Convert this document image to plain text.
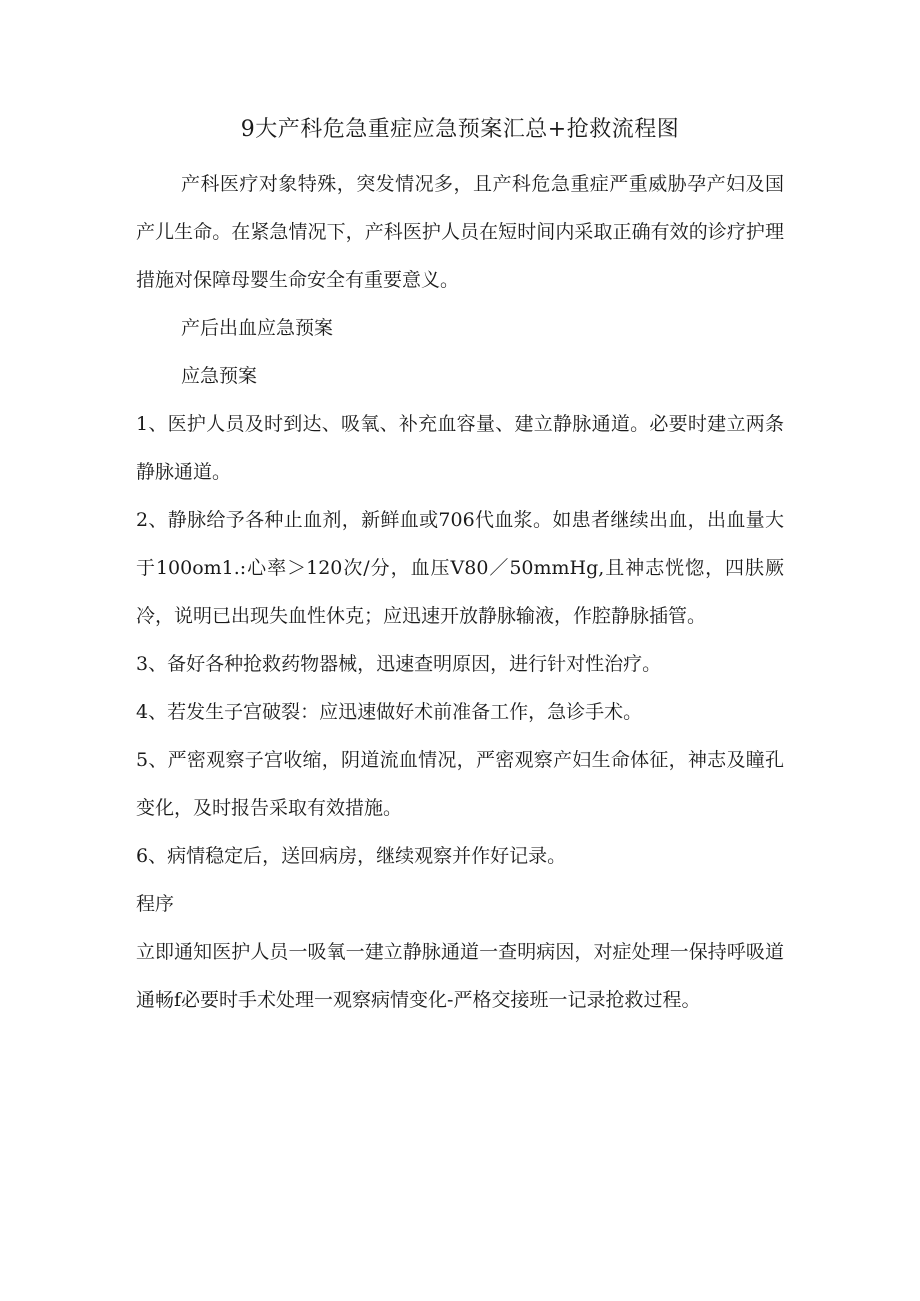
9大产科危急重症应急预案汇总+抢救流程图

产科医疗对象特殊，突发情况多，且产科危急重症严重威胁孕产妇及国产儿生命。在紧急情况下，产科医护人员在短时间内采取正确有效的诊疗护理措施对保障母婴生命安全有重要意义。

产后出血应急预案

应急预案

1、医护人员及时到达、吸氧、补充血容量、建立静脉通道。必要时建立两条静脉通道。

2、静脉给予各种止血剂，新鲜血或706代血浆。如患者继续出血，出血量大于100om1.:心率＞120次/分，血压V80／50mmHg,且神志恍惚，四肤厥冷，说明已出现失血性休克；应迅速开放静脉输液，作腔静脉插管。

3、备好各种抢救药物器械，迅速查明原因，进行针对性治疗。

4、若发生子宫破裂：应迅速做好术前准备工作，急诊手术。

5、严密观察子宫收缩，阴道流血情况，严密观察产妇生命体征，神志及瞳孔变化，及时报告采取有效措施。

6、病情稳定后，送回病房，继续观察并作好记录。

程序

立即通知医护人员一吸氧一建立静脉通道一查明病因，对症处理一保持呼吸道通畅f必要时手术处理一观察病情变化-严格交接班一记录抢救过程。
